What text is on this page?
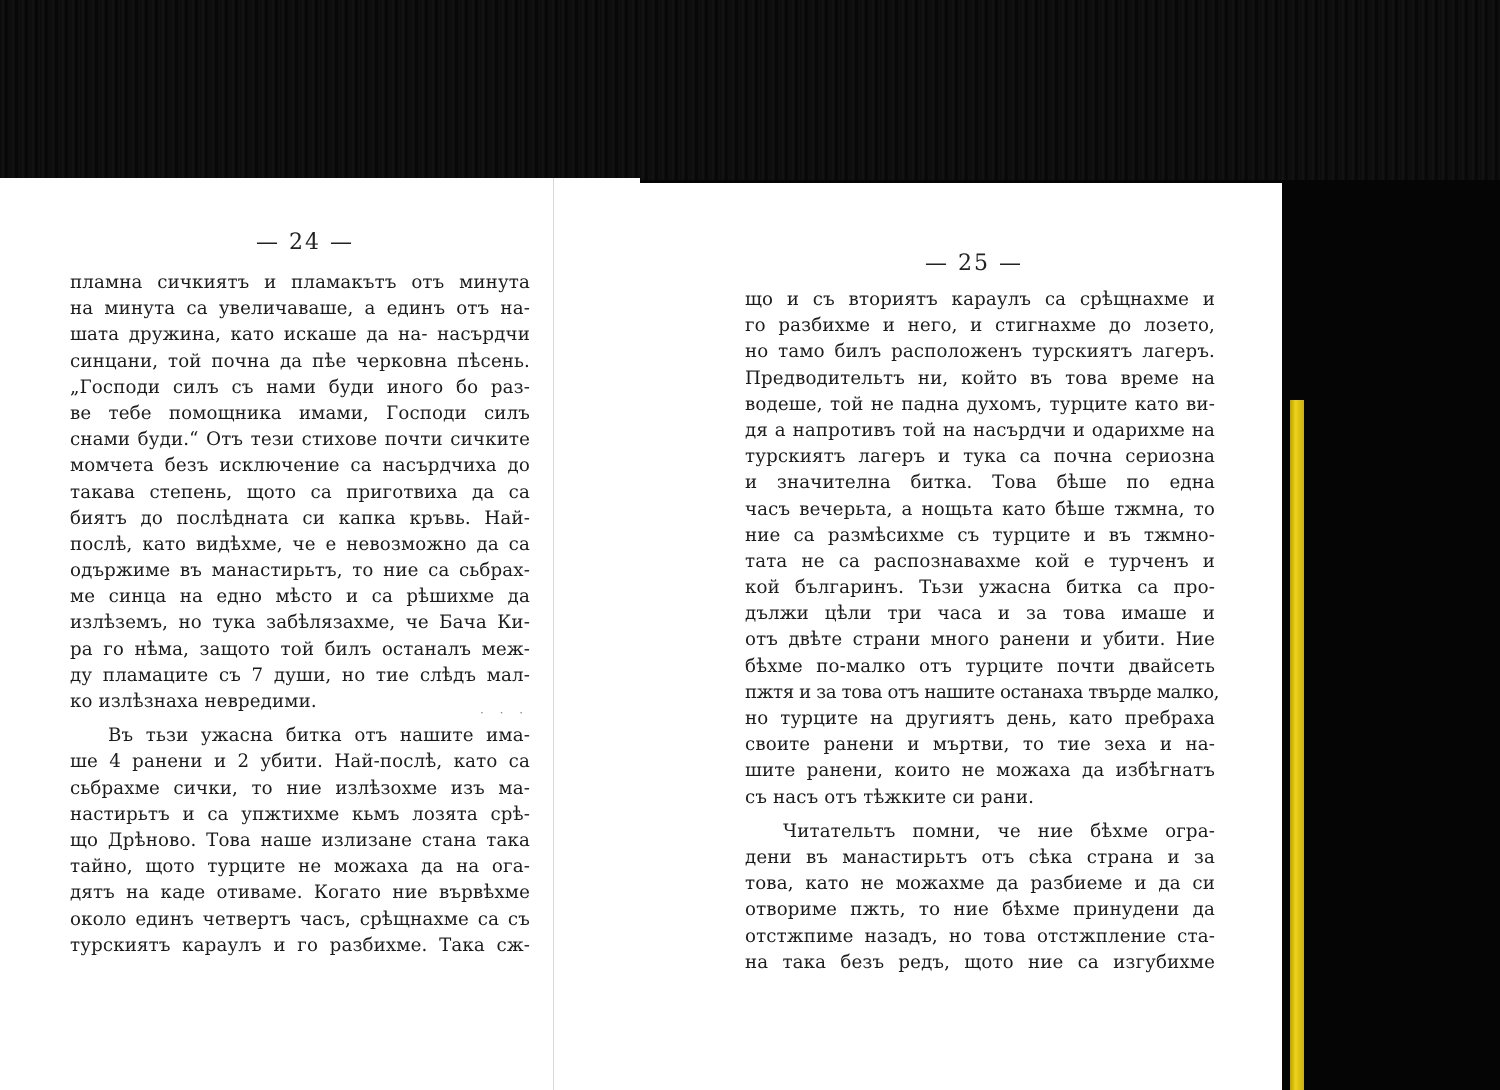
— 24 —
пламна сичкиятъ и пламакътъ отъ минута
на минута са увеличаваше, а единъ отъ на-
шата дружина, като искаше да на- насърдчи
синцани, той почна да пѣе черковна пѣсень.
„Господи силъ съ нами буди иного бо раз-
ве тебе помощника имами, Господи силъ
снами буди.“ Отъ тези стихове почти сичките
момчета безъ исключение са насърдчиха до
такава степень, щото са приготвиха да са
биятъ до послѣдната си капка кръвь. Най-
послѣ, като видѣхме, че е невозможно да са
одържиме въ манастирьтъ, то ние са сьбрах-
ме синца на едно мѣсто и са рѣшихме да
излѣземъ, но тука забѣлязахме, че Бача Ки-
ра го нѣма, защото той билъ останалъ меж-
ду пламаците съ 7 души, но тие слѣдъ мал-
ко излѣзнаха невредими.
Въ тьзи ужасна битка отъ нашите има-
ше 4 ранени и 2 убити. Най-послѣ, като са
сьбрахме сички, то ние излѣзохме изъ ма-
настирьтъ и са упжтихме кьмъ лозята срѣ-
що Дрѣново. Това наше излизане стана така
тайно, щото турците не можаха да на ога-
дятъ на каде отиваме. Когато ние вървѣхме
около единъ четвертъ часъ, срѣщнахме са съ
турскиятъ караулъ и го разбихме. Така сж-
· · ·
— 25 —
що и съ вториятъ караулъ са срѣщнахме и
го разбихме и него, и стигнахме до лозето,
но тамо билъ расположенъ турскиятъ лагеръ.
Предводительтъ ни, който въ това време на
водеше, той не падна духомъ, турците като ви-
дя а напротивъ той на насърдчи и одарихме на
турскиятъ лагеръ и тука са почна сериозна
и значителна битка. Това бѣше по една
часъ вечерьта, а нощьта като бѣше тжмна, то
ние са размѣсихме съ турците и въ тжмно-
тата не са распознавахме кой е турченъ и
кой българинъ. Тьзи ужасна битка са про-
дължи цѣли три часа и за това имаше и
отъ двѣте страни много ранени и убити. Ние
бѣхме по-малко отъ турците почти двайсеть
пжтя и за това отъ нашите останаха твърде малко,
но турците на другиятъ день, като пребраха
своите ранени и мъртви, то тие зеха и на-
шите ранени, които не можаха да избѣгнатъ
съ насъ отъ тѣжките си рани.
Читательтъ помни, че ние бѣхме огра-
дени въ манастирьтъ отъ сѣка страна и за
това, като не можахме да разбиеме и да си
отвориме пжть, то ние бѣхме принудени да
отстжпиме назадъ, но това отстжпление ста-
на така безъ редъ, щото ние са изгубихме
